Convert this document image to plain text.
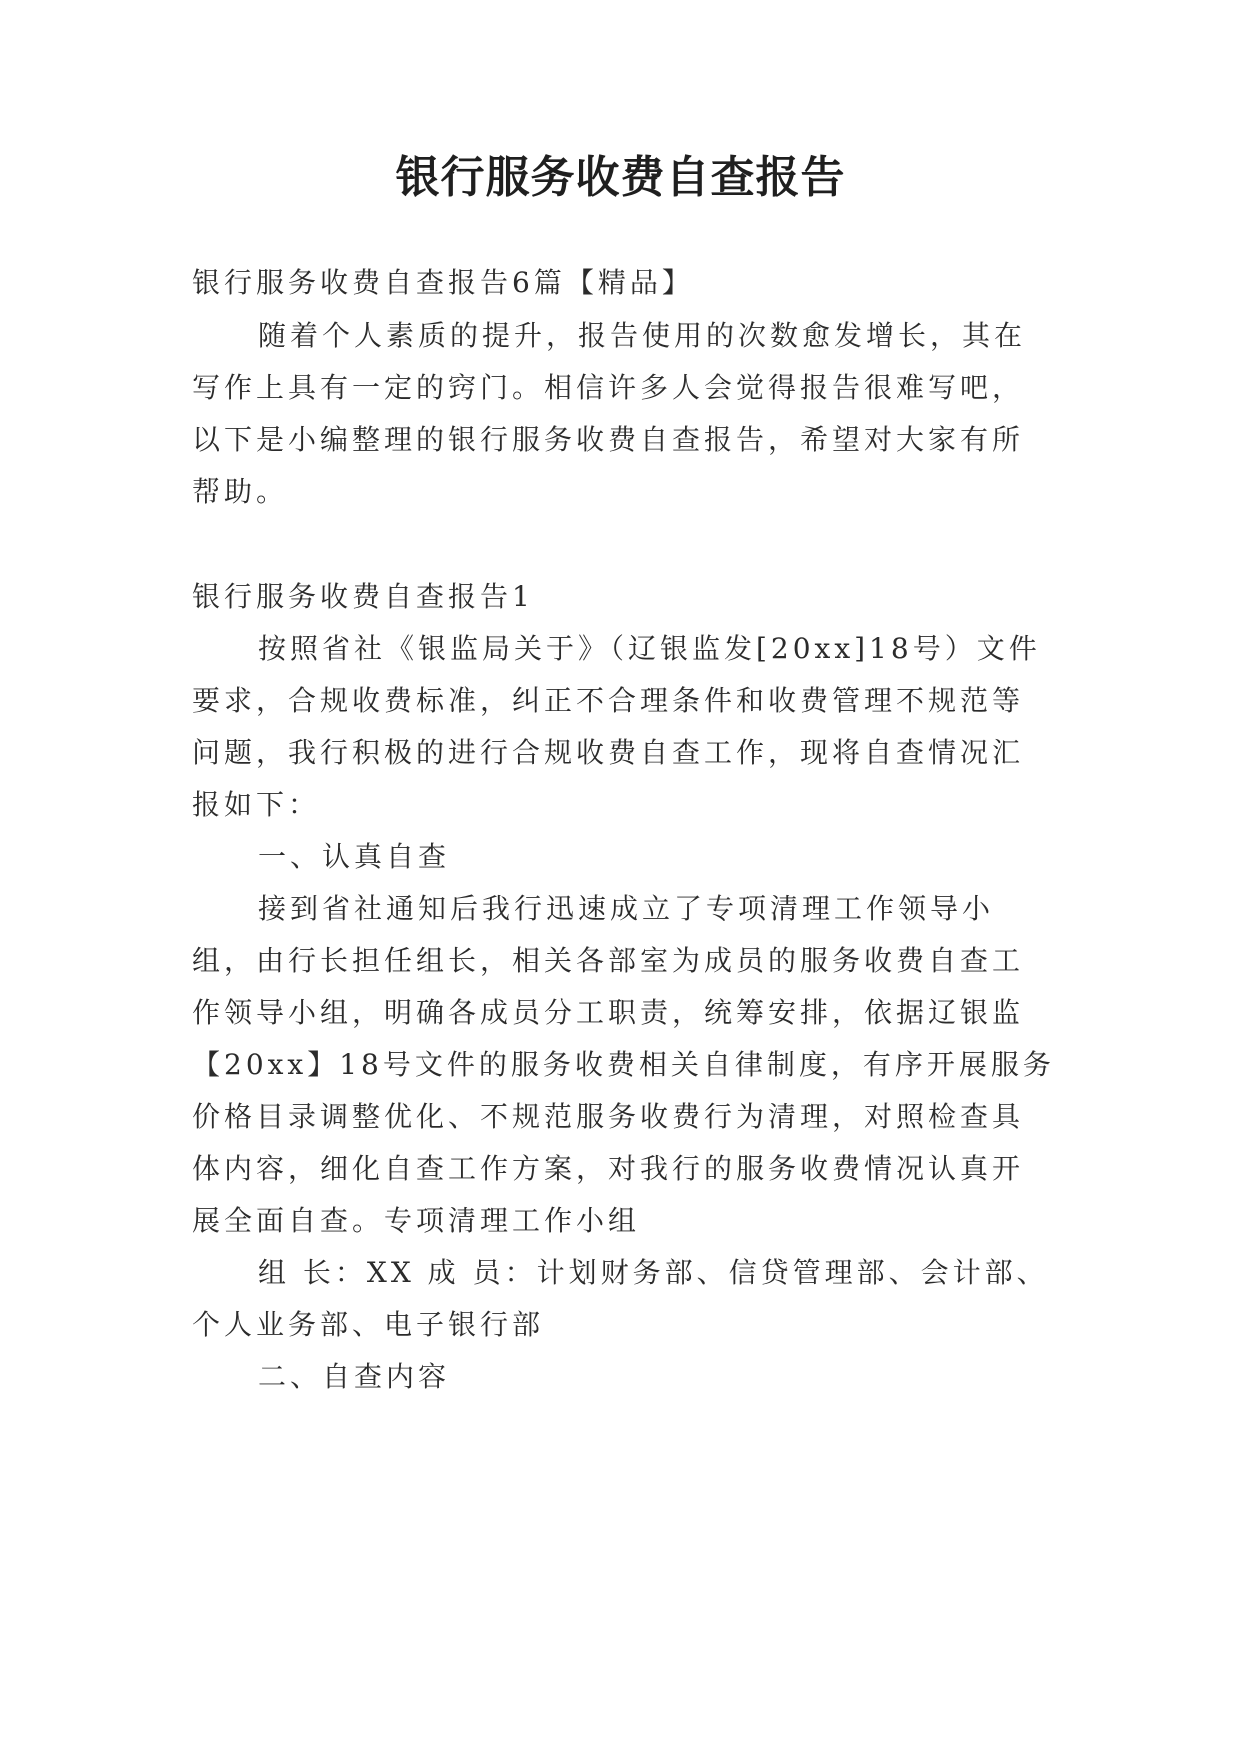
银行服务收费自查报告
银行服务收费自查报告6篇【精品】
随着个人素质的提升，报告使用的次数愈发增长，其在
写作上具有一定的窍门。相信许多人会觉得报告很难写吧，
以下是小编整理的银行服务收费自查报告，希望对大家有所
帮助。
银行服务收费自查报告1
按照省社《银监局关于》（辽银监发[20xx]18号）文件
要求，合规收费标准，纠正不合理条件和收费管理不规范等
问题，我行积极的进行合规收费自查工作，现将自查情况汇
报如下：
一、认真自查
接到省社通知后我行迅速成立了专项清理工作领导小
组，由行长担任组长，相关各部室为成员的服务收费自查工
作领导小组，明确各成员分工职责，统筹安排，依据辽银监
【20xx】18号文件的服务收费相关自律制度，有序开展服务
价格目录调整优化、不规范服务收费行为清理，对照检查具
体内容，细化自查工作方案，对我行的服务收费情况认真开
展全面自查。专项清理工作小组
组 长：XX 成 员：计划财务部、信贷管理部、会计部、
个人业务部、电子银行部
二、自查内容
